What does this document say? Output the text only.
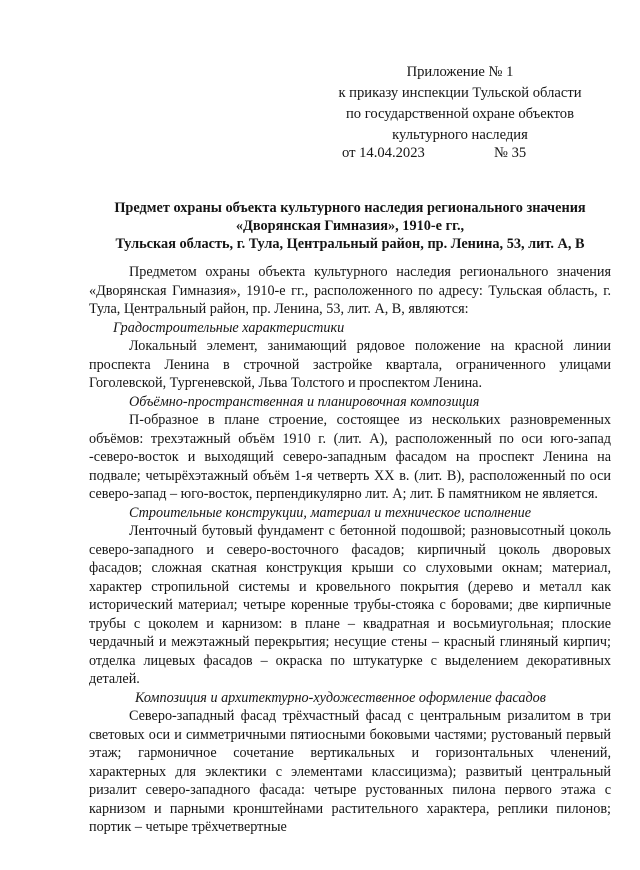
Приложение № 1
к приказу инспекции Тульской области
по государственной охране объектов
культурного наследия
от 14.04.2023	№ 35
Предмет охраны объекта культурного наследия регионального значения
«Дворянская Гимназия», 1910-е гг.,
Тульская область, г. Тула, Центральный район, пр. Ленина, 53, лит. А, В

Предметом охраны объекта культурного наследия регионального значения «Дворянская Гимназия», 1910-е гг., расположенного по адресу: Тульская область, г. Тула, Центральный район, пр. Ленина, 53, лит. А, В, являются:

Градостроительные характеристики

Локальный элемент, занимающий рядовое положение на красной линии проспекта Ленина в строчной застройке квартала, ограниченного улицами Гоголевской, Тургеневской, Льва Толстого и проспектом Ленина.

Объёмно-пространственная и планировочная композиция

П-образное в плане строение, состоящее из нескольких разновременных объёмов: трехэтажный объём 1910 г. (лит. А), расположенный по оси юго-запад -северо-восток и выходящий северо-западным фасадом на проспект Ленина на подвале; четырёхэтажный объём 1-я четверть XX в. (лит. В), расположенный по оси северо-запад – юго-восток, перпендикулярно лит. А; лит. Б памятником не является.

Строительные конструкции, материал и техническое исполнение

Ленточный бутовый фундамент с бетонной подошвой; разновысотный цоколь северо-западного и северо-восточного фасадов; кирпичный цоколь дворовых фасадов; сложная скатная конструкция крыши со слуховыми окнам; материал, характер стропильной системы и кровельного покрытия (дерево и металл как исторический материал; четыре коренные трубы-стояка с боровами; две кирпичные трубы с цоколем и карнизом: в плане – квадратная и восьмиугольная; плоские чердачный и межэтажный перекрытия; несущие стены – красный глиняный кирпич; отделка лицевых фасадов – окраска по штукатурке с выделением декоративных деталей.

Композиция и архитектурно-художественное оформление фасадов

Северо-западный фасад трёхчастный фасад с центральным ризалитом в три световых оси и симметричными пятиосными боковыми частями; рустованый первый этаж; гармоничное сочетание вертикальных и горизонтальных членений, характерных для эклектики с элементами классицизма); развитый центральный ризалит северо-западного фасада: четыре рустованных пилона первого этажа с карнизом и парными кронштейнами растительного характера, реплики пилонов; портик – четыре трёхчетвертные
